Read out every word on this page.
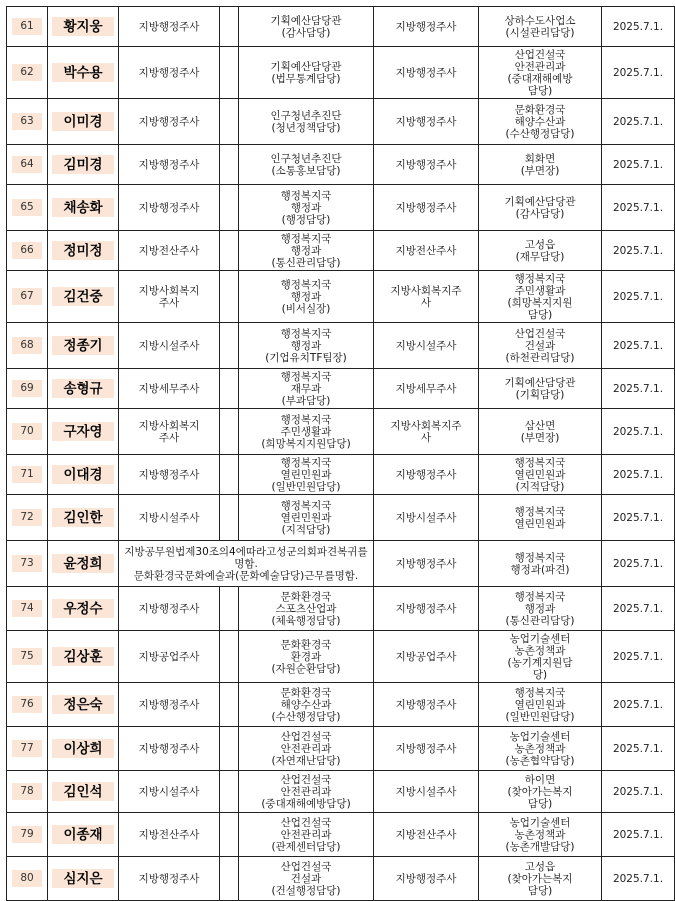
61	황지웅	지방행정주사		기획예산담당관
(감사담당)	지방행정주사	상하수도사업소
(시설관리담당)	2025.7.1.
62	박수용	지방행정주사		기획예산담당관
(법무통계담당)	지방행정주사	산업건설국
안전관리과
(중대재해예방
담당)	2025.7.1.
63	이미경	지방행정주사		인구청년추진단
(청년정책담당)	지방행정주사	문화환경국
해양수산과
(수산행정담당)	2025.7.1.
64	김미경	지방행정주사		인구청년추진단
(소통홍보담당)	지방행정주사	회화면
(부면장)	2025.7.1.
65	채송화	지방행정주사		행정복지국
행정과
(행정담당)	지방행정주사	기획예산담당관
(감사담당)	2025.7.1.
66	정미정	지방전산주사		행정복지국
행정과
(통신관리담당)	지방전산주사	고성읍
(재무담당)	2025.7.1.
67	김건중	지방사회복지
주사		행정복지국
행정과
(비서실장)	지방사회복지주
사	행정복지국
주민생활과
(희망복지지원
담당)	2025.7.1.
68	정종기	지방시설주사		행정복지국
행정과
(기업유치TF팀장)	지방시설주사	산업건설국
건설과
(하천관리담당)	2025.7.1.
69	송형규	지방세무주사		행정복지국
재무과
(부과담당)	지방세무주사	기획예산담당관
(기획담당)	2025.7.1.
70	구자영	지방사회복지
주사		행정복지국
주민생활과
(희망복지지원담당)	지방사회복지주
사	삼산면
(부면장)	2025.7.1.
71	이대경	지방행정주사		행정복지국
열린민원과
(일반민원담당)	지방행정주사	행정복지국
열린민원과
(지적담당)	2025.7.1.
72	김인한	지방시설주사		행정복지국
열린민원과
(지적담당)	지방시설주사	행정복지국
열린민원과	2025.7.1.
73	윤정희	지방공무원법제30조의4에따라고성군의회파견복귀를
명함.
문화환경국문화예술과(문화예술담당)근무를명함.			지방행정주사	행정복지국
행정과(파견)	2025.7.1.
74	우정수	지방행정주사		문화환경국
스포츠산업과
(체육행정담당)	지방행정주사	행정복지국
행정과
(통신관리담당)	2025.7.1.
75	김상훈	지방공업주사		문화환경국
환경과
(자원순환담당)	지방공업주사	농업기술센터
농촌정책과
(농기계지원담
당)	2025.7.1.
76	정은숙	지방행정주사		문화환경국
해양수산과
(수산행정담당)	지방행정주사	행정복지국
열린민원과
(일반민원담당)	2025.7.1.
77	이상희	지방행정주사		산업건설국
안전관리과
(자연재난담당)	지방행정주사	농업기술센터
농촌정책과
(농촌협약담당)	2025.7.1.
78	김인석	지방시설주사		산업건설국
안전관리과
(중대재해예방담당)	지방시설주사	하이면
(찾아가는복지
담당)	2025.7.1.
79	이종재	지방전산주사		산업건설국
안전관리과
(관제센터담당)	지방전산주사	농업기술센터
농촌정책과
(농촌개발담당)	2025.7.1.
80	심지은	지방행정주사		산업건설국
건설과
(건설행정담당)	지방행정주사	고성읍
(찾아가는복지
담당)	2025.7.1.
